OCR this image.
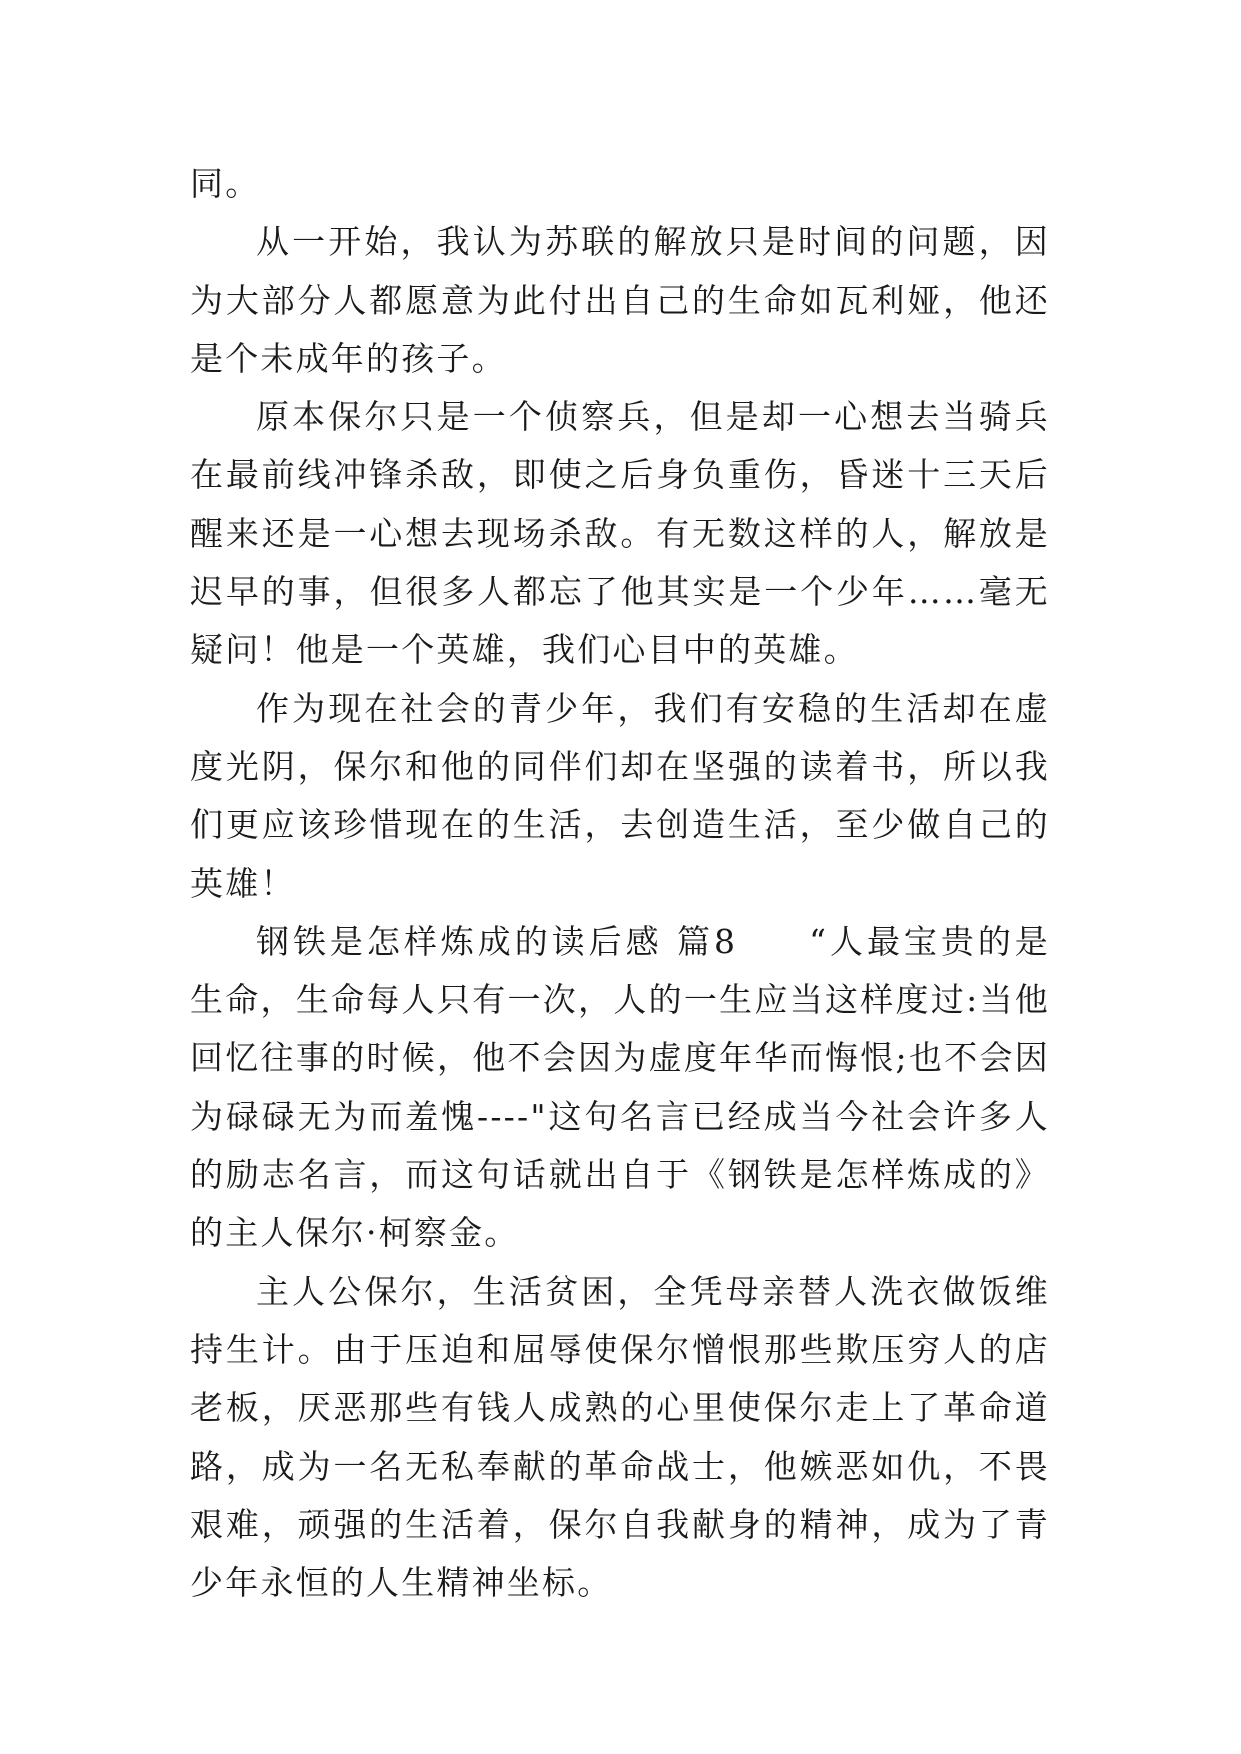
同。

从一开始，我认为苏联的解放只是时间的问题，因为大部分人都愿意为此付出自己的生命如瓦利娅，他还是个未成年的孩子。

原本保尔只是一个侦察兵，但是却一心想去当骑兵在最前线冲锋杀敌，即使之后身负重伤，昏迷十三天后醒来还是一心想去现场杀敌。有无数这样的人，解放是迟早的事，但很多人都忘了他其实是一个少年……毫无疑问！他是一个英雄，我们心目中的英雄。

作为现在社会的青少年，我们有安稳的生活却在虚度光阴，保尔和他的同伴们却在坚强的读着书，所以我们更应该珍惜现在的生活，去创造生活，至少做自己的英雄！

钢铁是怎样炼成的读后感 篇8 “人最宝贵的是生命，生命每人只有一次，人的一生应当这样度过:当他回忆往事的时候，他不会因为虚度年华而悔恨;也不会因为碌碌无为而羞愧----"这句名言已经成当今社会许多人的励志名言，而这句话就出自于《钢铁是怎样炼成的》的主人保尔·柯察金。

主人公保尔，生活贫困，全凭母亲替人洗衣做饭维持生计。由于压迫和屈辱使保尔憎恨那些欺压穷人的店老板，厌恶那些有钱人成熟的心里使保尔走上了革命道路，成为一名无私奉献的革命战士，他嫉恶如仇，不畏艰难，顽强的生活着，保尔自我献身的精神，成为了青少年永恒的人生精神坐标。
